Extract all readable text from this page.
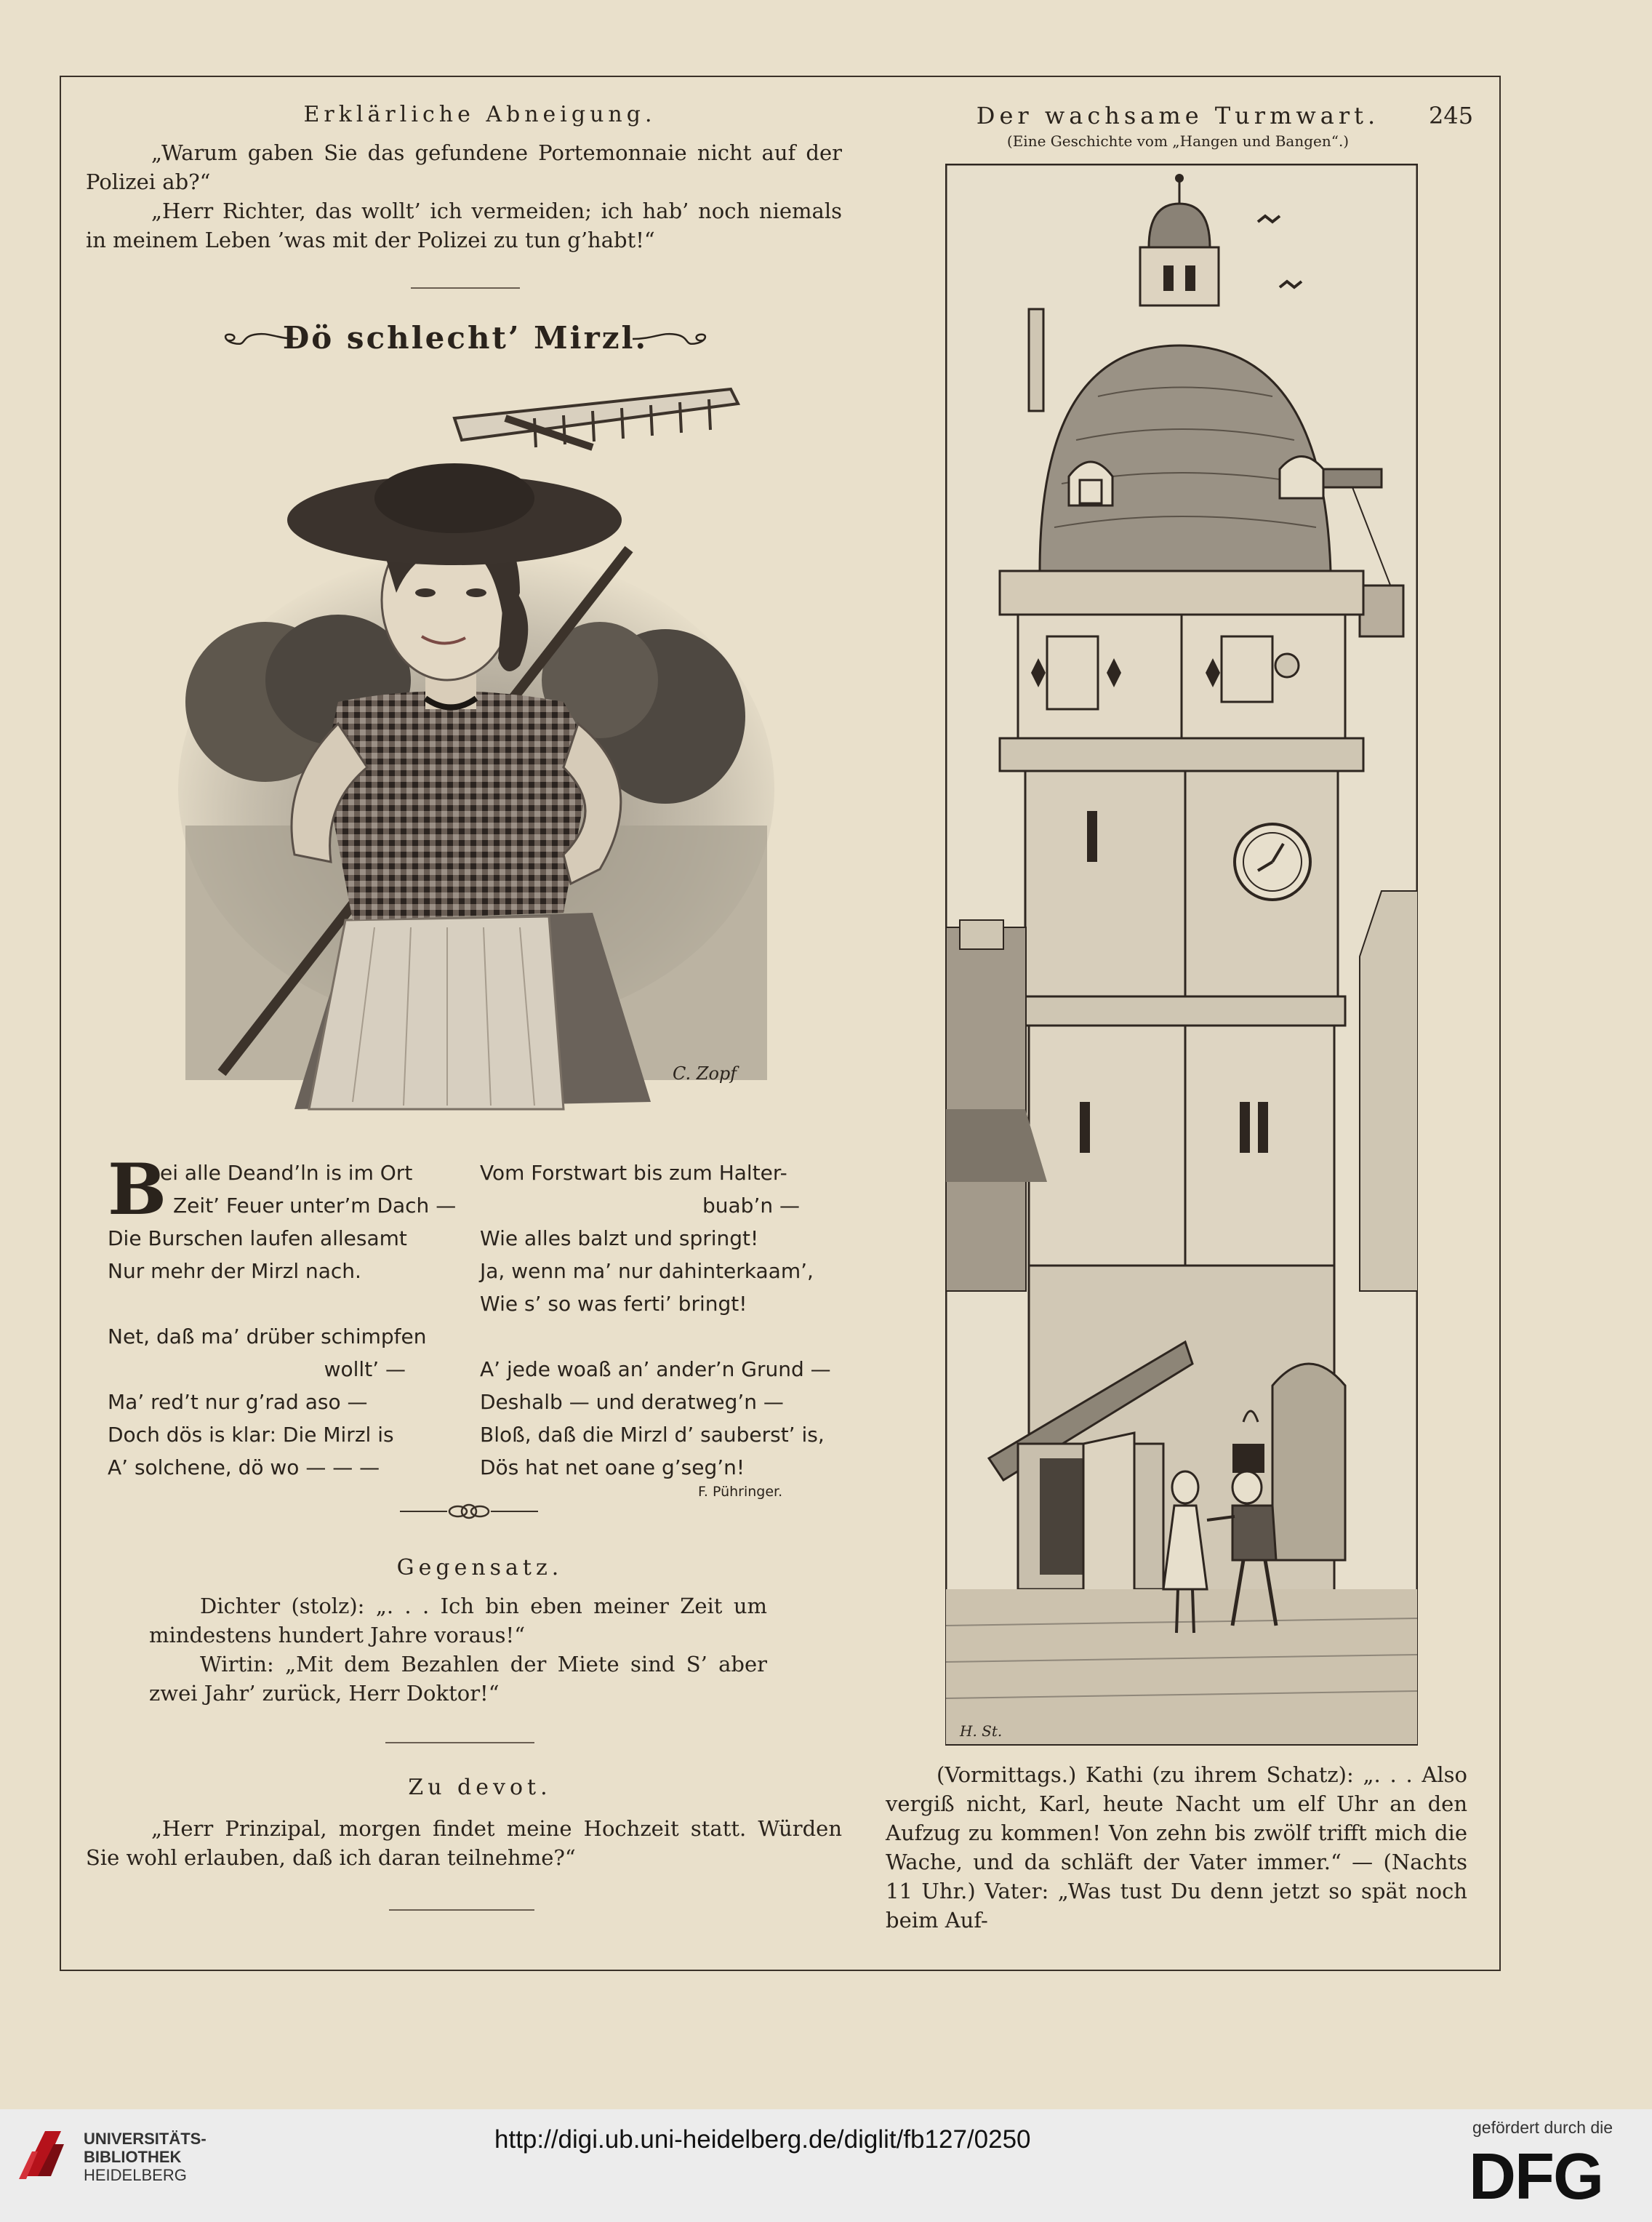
Erklärliche Abneigung.

„Warum gaben Sie das gefundene Portemonnaie nicht auf der Polizei ab?“

„Herr Richter, das wollt’ ich vermeiden; ich hab’ noch niemals in meinem Leben ’was mit der Polizei zu tun g’habt!“

Dö schlecht’ Mirzl.
C. Zopf
B
ei alle Deand’ln is im Ort
Zeit’ Feuer unter’m Dach —
Die Burschen laufen allesamt
Nur mehr der Mirzl nach.
Net, daß ma’ drüber schimpfen
wollt’ —
Ma’ red’t nur g’rad aso —
Doch dös is klar: Die Mirzl is
A’ solchene, dö wo — — —
Vom Forstwart bis zum Halter-
buab’n —
Wie alles balzt und springt!
Ja, wenn ma’ nur dahinterkaam’,
Wie s’ so was ferti’ bringt!
A’ jede woaß an’ ander’n Grund —
Deshalb — und deratweg’n —
Bloß, daß die Mirzl d’ sauberst’ is,
Dös hat net oane g’seg’n!
F. Pühringer.
Gegensatz.

Dichter (stolz): „. . . Ich bin eben meiner Zeit um mindestens hundert Jahre voraus!“

Wirtin: „Mit dem Bezahlen der Miete sind S’ aber zwei Jahr’ zurück, Herr Doktor!“

Zu devot.

„Herr Prinzipal, morgen findet meine Hochzeit statt. Würden Sie wohl erlauben, daß ich daran teilnehme?“

Der wachsame Turmwart.	245
(Eine Geschichte vom „Hangen und Bangen“.)
H. St.

(Vormittags.) Kathi (zu ihrem Schatz): „. . . Also vergiß nicht, Karl, heute Nacht um elf Uhr an den Aufzug zu kommen! Von zehn bis zwölf trifft mich die Wache, und da schläft der Vater immer.“ — (Nachts 11 Uhr.) Vater: „Was tust Du denn jetzt so spät noch beim Auf-

UNIVERSITÄTS-
BIBLIOTHEK
HEIDELBERG
http://digi.ub.uni-heidelberg.de/diglit/fb127/0250	gefördert durch die
DFG
